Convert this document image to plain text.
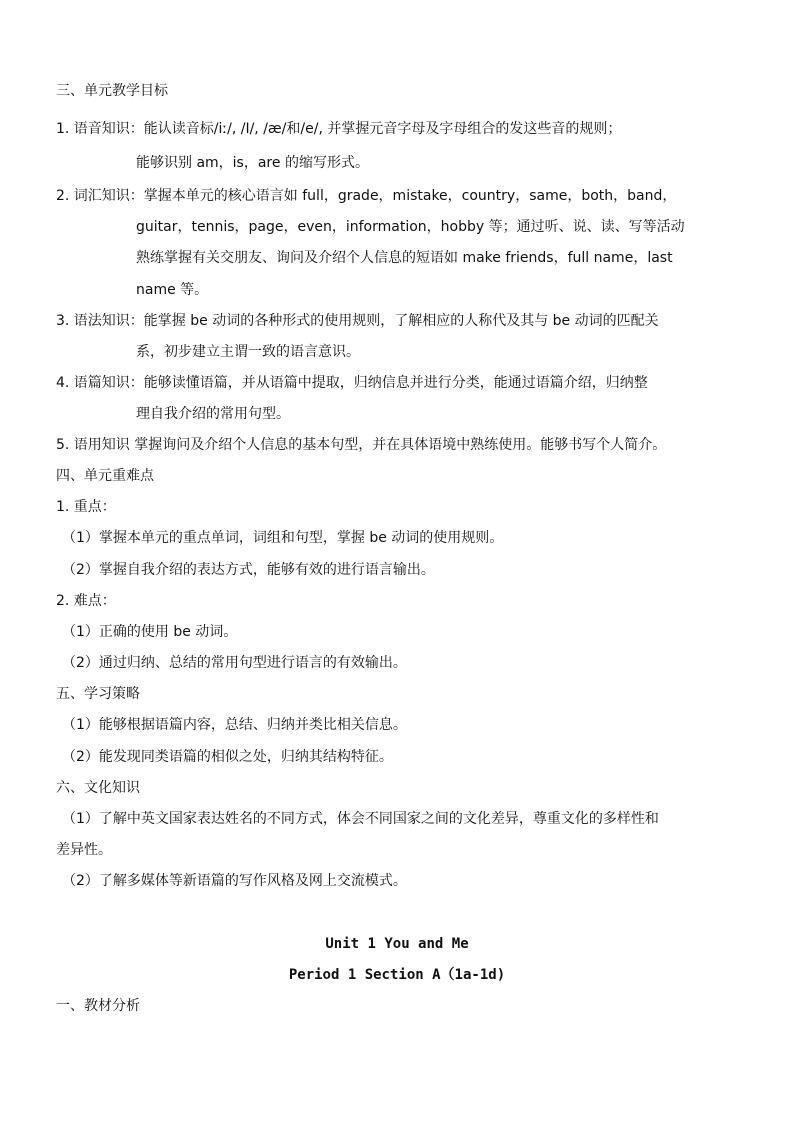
三、单元教学目标
1. 语音知识：能认读音标/iː/, /I/, /æ/和/e/, 并掌握元音字母及字母组合的发这些音的规则；
能够识别 am，is，are 的缩写形式。
2. 词汇知识：掌握本单元的核心语言如 full，grade，mistake，country，same，both，band，
guitar，tennis，page，even，information，hobby 等；通过听、说、读、写等活动
熟练掌握有关交朋友、询问及介绍个人信息的短语如 make friends，full name，last
name 等。
3. 语法知识：能掌握 be 动词的各种形式的使用规则，了解相应的人称代及其与 be 动词的匹配关
系，初步建立主谓一致的语言意识。
4. 语篇知识：能够读懂语篇，并从语篇中提取，归纳信息并进行分类，能通过语篇介绍，归纳整
理自我介绍的常用句型。
5. 语用知识 掌握询问及介绍个人信息的基本句型，并在具体语境中熟练使用。能够书写个人简介。
四、单元重难点
1. 重点：
（1）掌握本单元的重点单词，词组和句型，掌握 be 动词的使用规则。
（2）掌握自我介绍的表达方式，能够有效的进行语言输出。
2. 难点：
（1）正确的使用 be 动词。
（2）通过归纳、总结的常用句型进行语言的有效输出。
五、学习策略
（1）能够根据语篇内容，总结、归纳并类比相关信息。
（2）能发现同类语篇的相似之处，归纳其结构特征。
六、文化知识
（1）了解中英文国家表达姓名的不同方式，体会不同国家之间的文化差异，尊重文化的多样性和
差异性。
（2）了解多媒体等新语篇的写作风格及网上交流模式。
Unit 1 You and Me
Period 1 Section A（1a-1d)
一、教材分析
